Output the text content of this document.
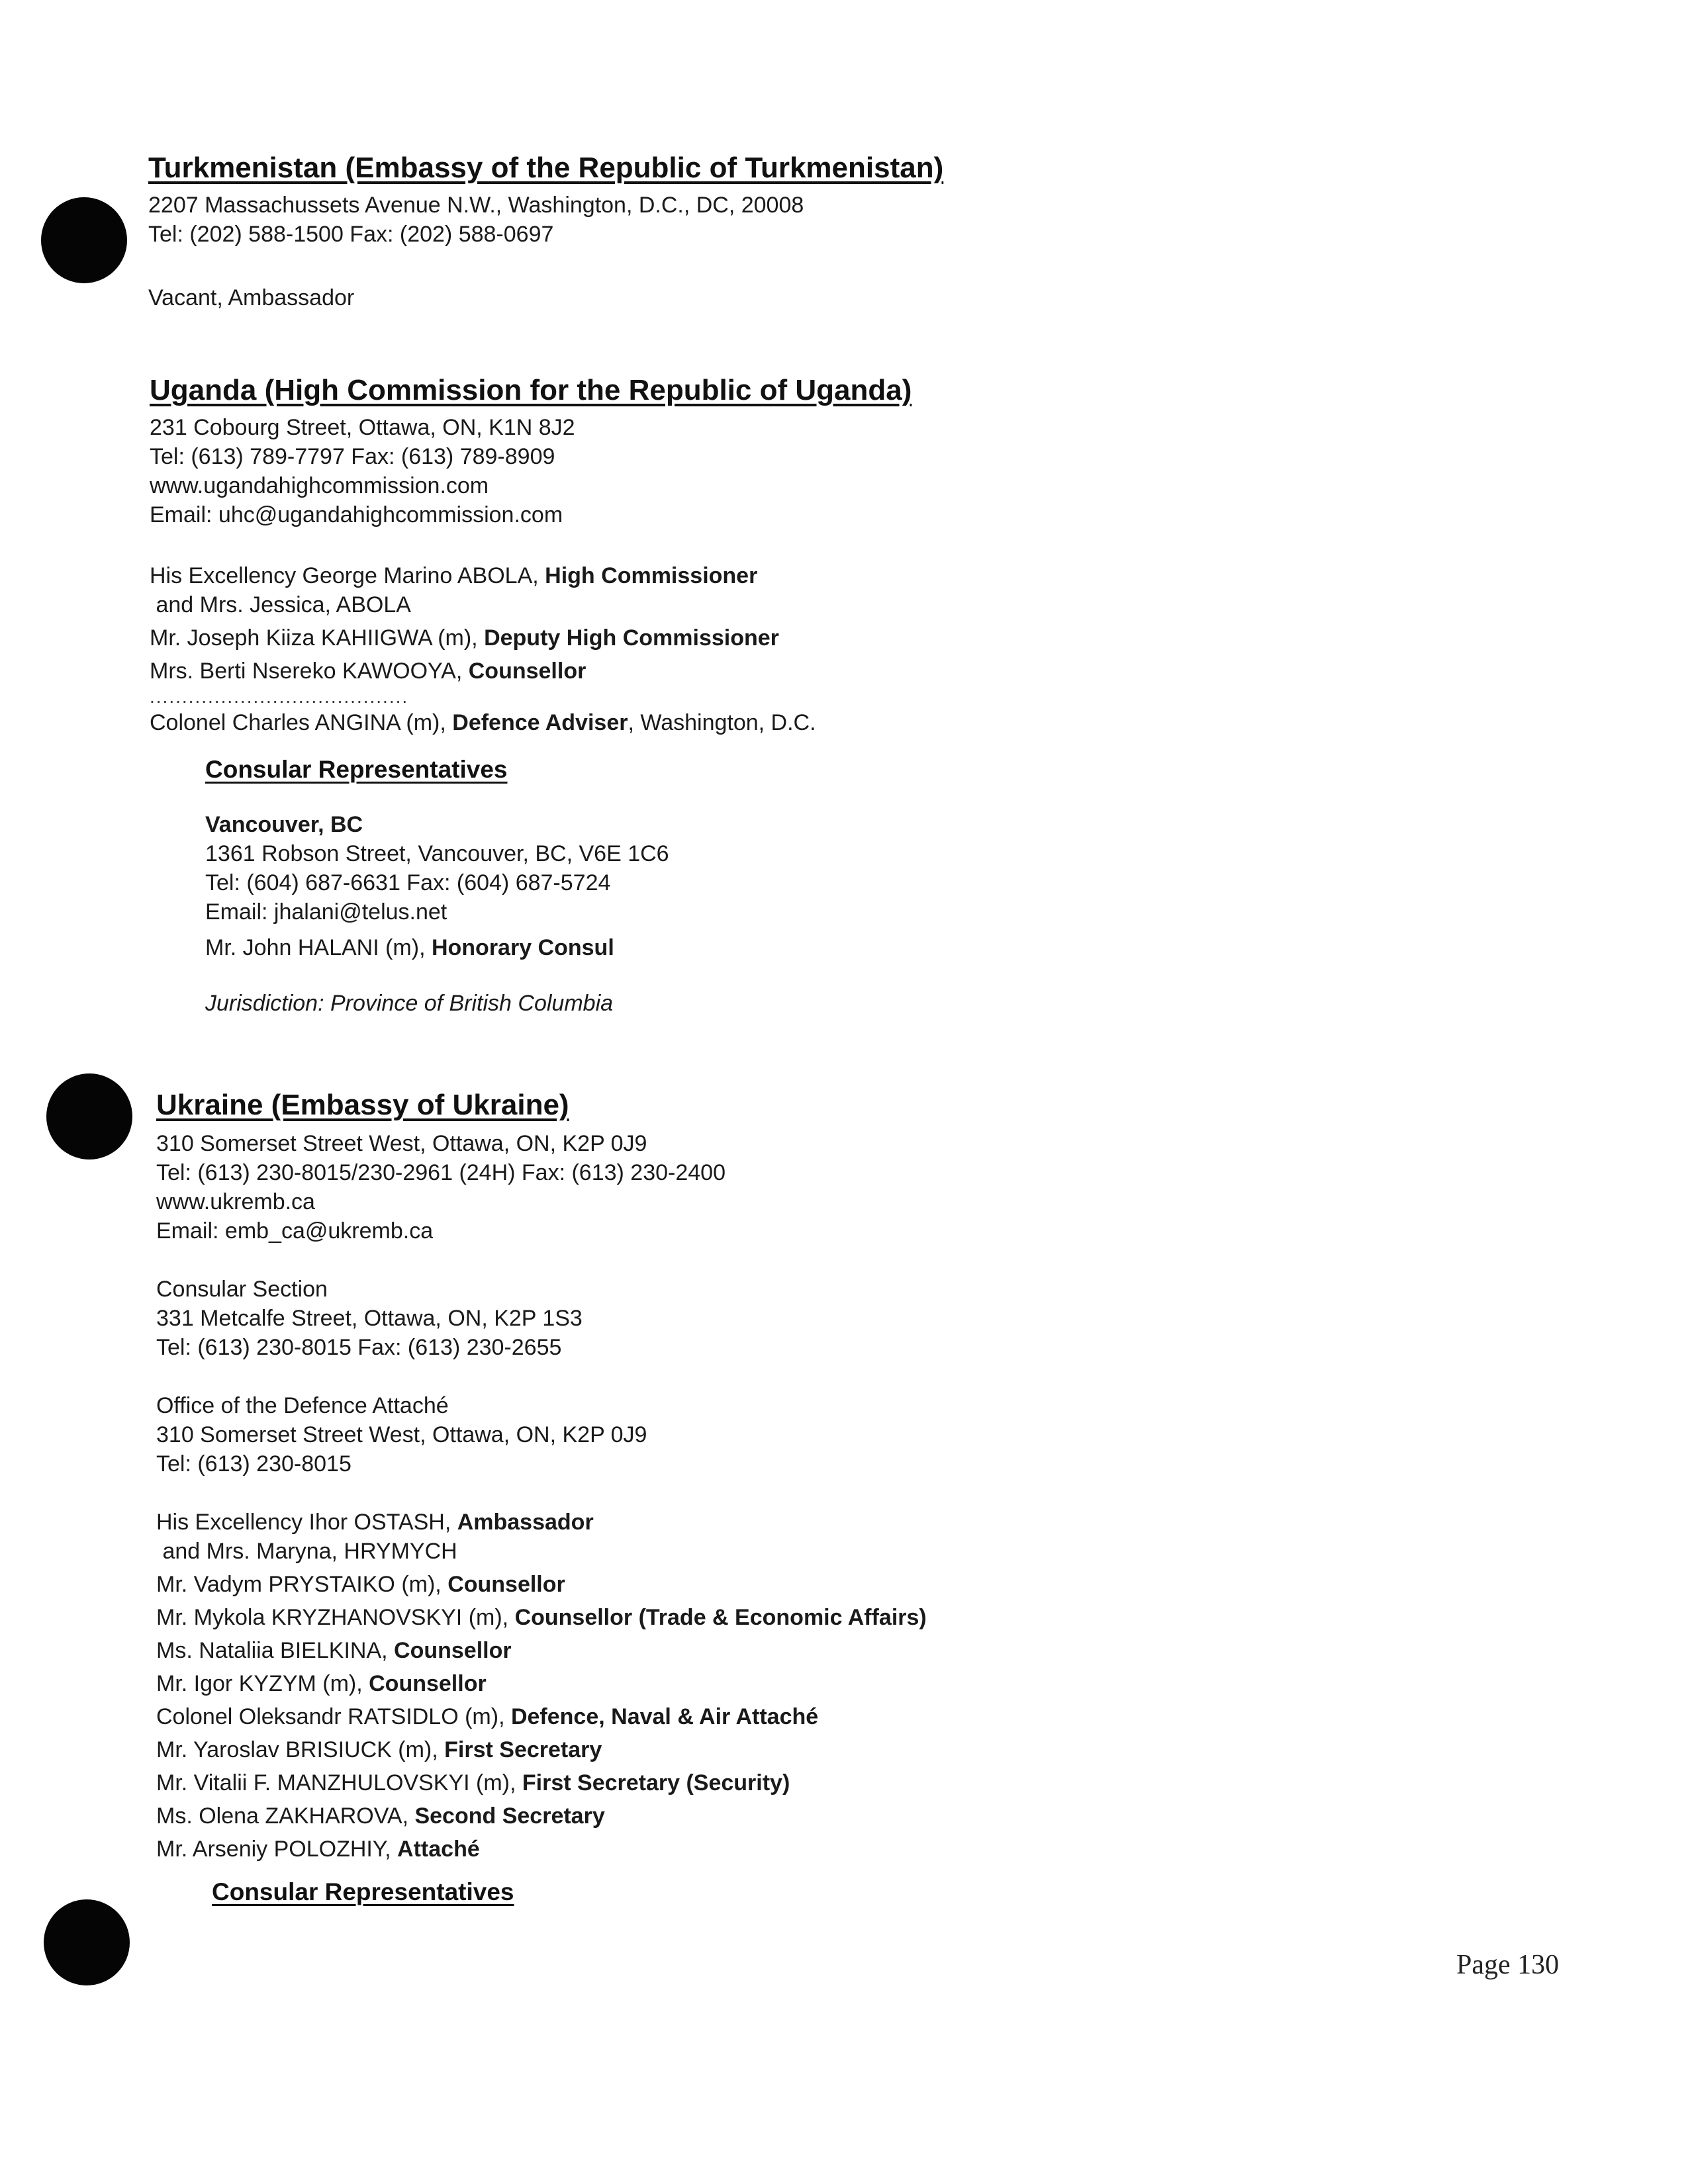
Turkmenistan (Embassy of the Republic of Turkmenistan)

2207 Massachussets Avenue N.W., Washington, D.C., DC, 20008

Tel: (202) 588-1500 Fax: (202) 588-0697

Vacant, Ambassador

Uganda (High Commission for the Republic of Uganda)

231 Cobourg Street, Ottawa, ON, K1N 8J2

Tel: (613) 789-7797 Fax: (613) 789-8909

www.ugandahighcommission.com

Email: uhc@ugandahighcommission.com

His Excellency George Marino ABOLA, High Commissioner

and Mrs. Jessica, ABOLA

Mr. Joseph Kiiza KAHIIGWA (m), Deputy High Commissioner

Mrs. Berti Nsereko KAWOOYA, Counsellor

........................................

Colonel Charles ANGINA (m), Defence Adviser, Washington, D.C.

Consular Representatives

Vancouver, BC

1361 Robson Street, Vancouver, BC, V6E 1C6

Tel: (604) 687-6631 Fax: (604) 687-5724

Email: jhalani@telus.net

Mr. John HALANI (m), Honorary Consul

Jurisdiction: Province of British Columbia

Ukraine (Embassy of Ukraine)

310 Somerset Street West, Ottawa, ON, K2P 0J9

Tel: (613) 230-8015/230-2961 (24H) Fax: (613) 230-2400

www.ukremb.ca

Email: emb_ca@ukremb.ca

Consular Section

331 Metcalfe Street, Ottawa, ON, K2P 1S3

Tel: (613) 230-8015 Fax: (613) 230-2655

Office of the Defence Attaché

310 Somerset Street West, Ottawa, ON, K2P 0J9

Tel: (613) 230-8015

His Excellency Ihor OSTASH, Ambassador

and Mrs. Maryna, HRYMYCH

Mr. Vadym PRYSTAIKO (m), Counsellor

Mr. Mykola KRYZHANOVSKYI (m), Counsellor (Trade & Economic Affairs)

Ms. Nataliia BIELKINA, Counsellor

Mr. Igor KYZYM (m), Counsellor

Colonel Oleksandr RATSIDLO (m), Defence, Naval & Air Attaché

Mr. Yaroslav BRISIUCK (m), First Secretary

Mr. Vitalii F. MANZHULOVSKYI (m), First Secretary (Security)

Ms. Olena ZAKHAROVA, Second Secretary

Mr. Arseniy POLOZHIY, Attaché

Consular Representatives

Page 130
